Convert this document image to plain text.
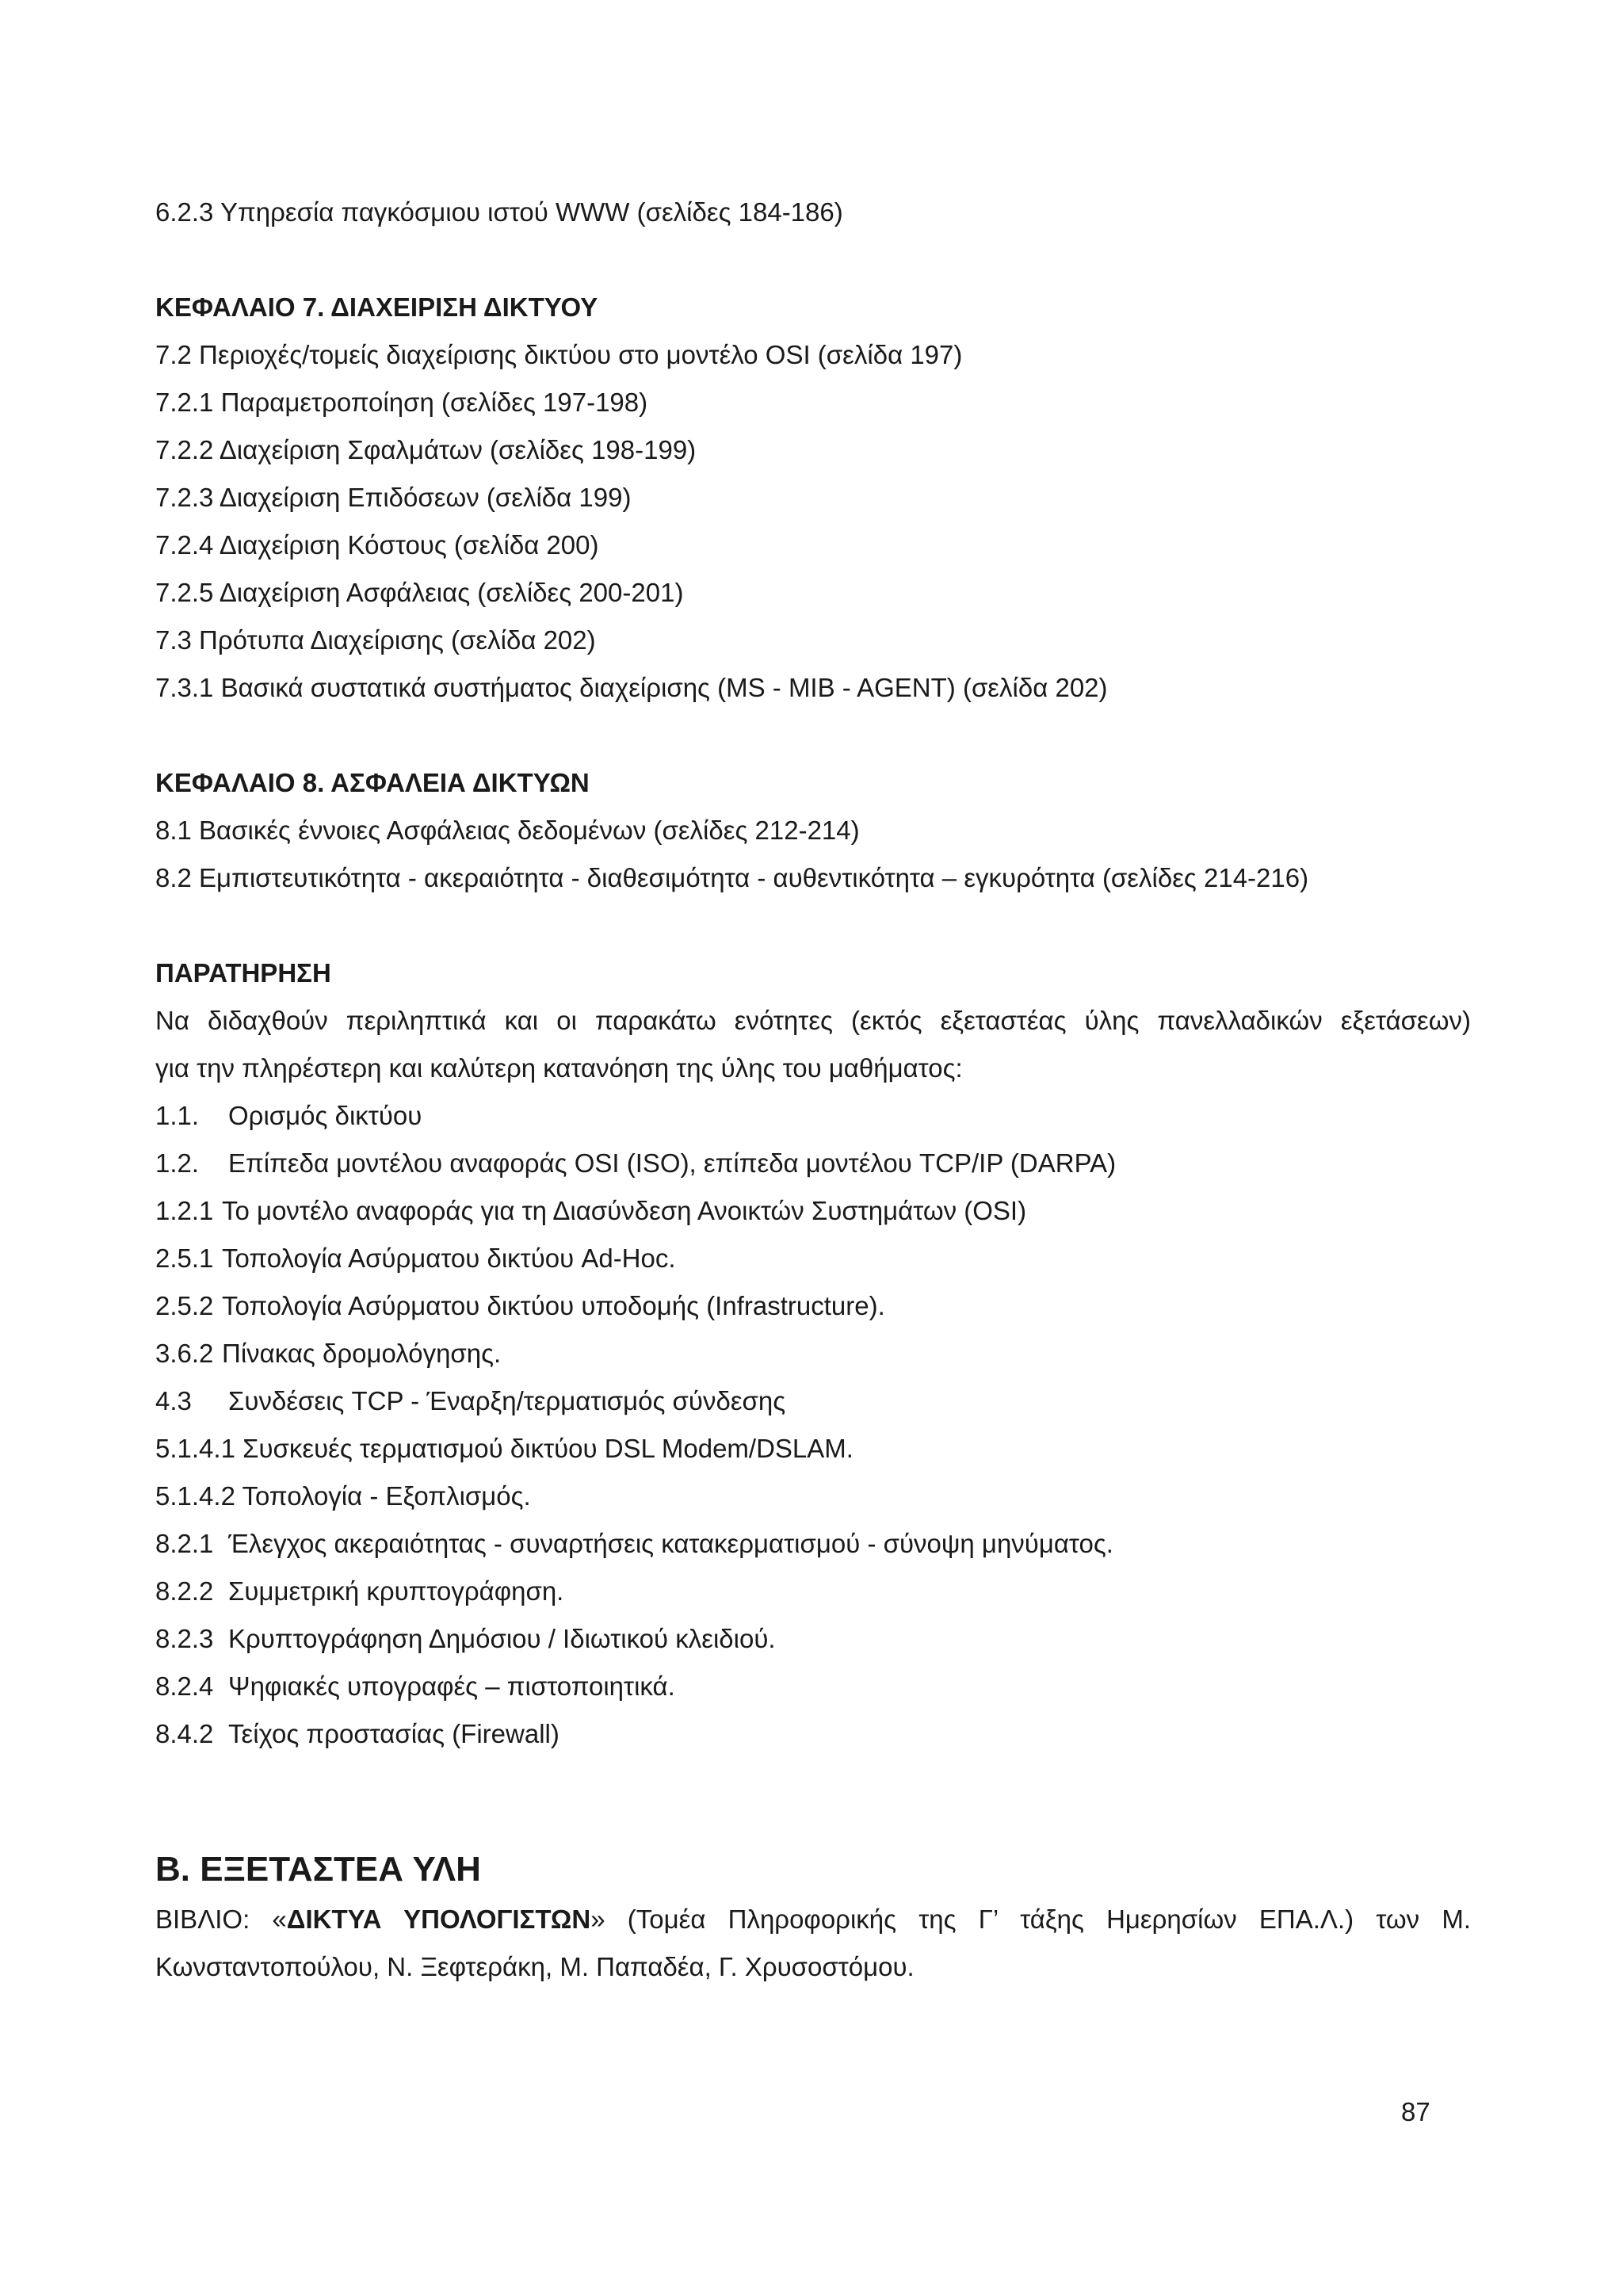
6.2.3 Υπηρεσία παγκόσμιου ιστού WWW (σελίδες 184-186)
ΚΕΦΑΛΑΙΟ 7. ΔΙΑΧΕΙΡΙΣΗ ΔΙΚΤΥΟΥ
7.2 Περιοχές/τομείς διαχείρισης δικτύου στο μοντέλο OSI (σελίδα 197)
7.2.1 Παραμετροποίηση (σελίδες 197-198)
7.2.2 Διαχείριση Σφαλμάτων (σελίδες 198-199)
7.2.3 Διαχείριση Επιδόσεων (σελίδα 199)
7.2.4 Διαχείριση Κόστους (σελίδα 200)
7.2.5 Διαχείριση Ασφάλειας (σελίδες 200-201)
7.3 Πρότυπα Διαχείρισης (σελίδα 202)
7.3.1 Βασικά συστατικά συστήματος διαχείρισης (MS - MIB - AGENT) (σελίδα 202)
ΚΕΦΑΛΑΙΟ 8. ΑΣΦΑΛΕΙΑ ΔΙΚΤΥΩΝ
8.1 Βασικές έννοιες Ασφάλειας δεδομένων (σελίδες 212-214)
8.2 Εμπιστευτικότητα - ακεραιότητα - διαθεσιμότητα - αυθεντικότητα – εγκυρότητα (σελίδες 214-216)
ΠΑΡΑΤΗΡΗΣΗ
Να διδαχθούν περιληπτικά και οι παρακάτω ενότητες (εκτός εξεταστέας ύλης πανελλαδικών εξετάσεων)
για την πληρέστερη και καλύτερη κατανόηση της ύλης του μαθήματος:
1.1. Ορισμός δικτύου
1.2. Επίπεδα μοντέλου αναφοράς OSI (ISO), επίπεδα μοντέλου TCP/IP (DARPA)
1.2.1 Το μοντέλο αναφοράς για τη Διασύνδεση Ανοικτών Συστημάτων (OSI)
2.5.1 Τοπολογία Ασύρματου δικτύου Ad-Hoc.
2.5.2 Τοπολογία Ασύρματου δικτύου υποδομής (Infrastructure).
3.6.2 Πίνακας δρομολόγησης.
4.3 Συνδέσεις TCP - Έναρξη/τερματισμός σύνδεσης
5.1.4.1 Συσκευές τερματισμού δικτύου DSL Modem/DSLAM.
5.1.4.2 Τοπολογία - Εξοπλισμός.
8.2.1 Έλεγχος ακεραιότητας - συναρτήσεις κατακερματισμού - σύνοψη μηνύματος.
8.2.2 Συμμετρική κρυπτογράφηση.
8.2.3 Κρυπτογράφηση Δημόσιου / Ιδιωτικού κλειδιού.
8.2.4 Ψηφιακές υπογραφές – πιστοποιητικά.
8.4.2 Τείχος προστασίας (Firewall)
Β. ΕΞΕΤΑΣΤΕΑ ΥΛΗ
ΒΙΒΛΙΟ: «ΔΙΚΤΥΑ ΥΠΟΛΟΓΙΣΤΩΝ» (Τομέα Πληροφορικής της Γ’ τάξης Ημερησίων ΕΠΑ.Λ.) των Μ.
Κωνσταντοπούλου, Ν. Ξεφτεράκη, Μ. Παπαδέα, Γ. Χρυσοστόμου.
87
